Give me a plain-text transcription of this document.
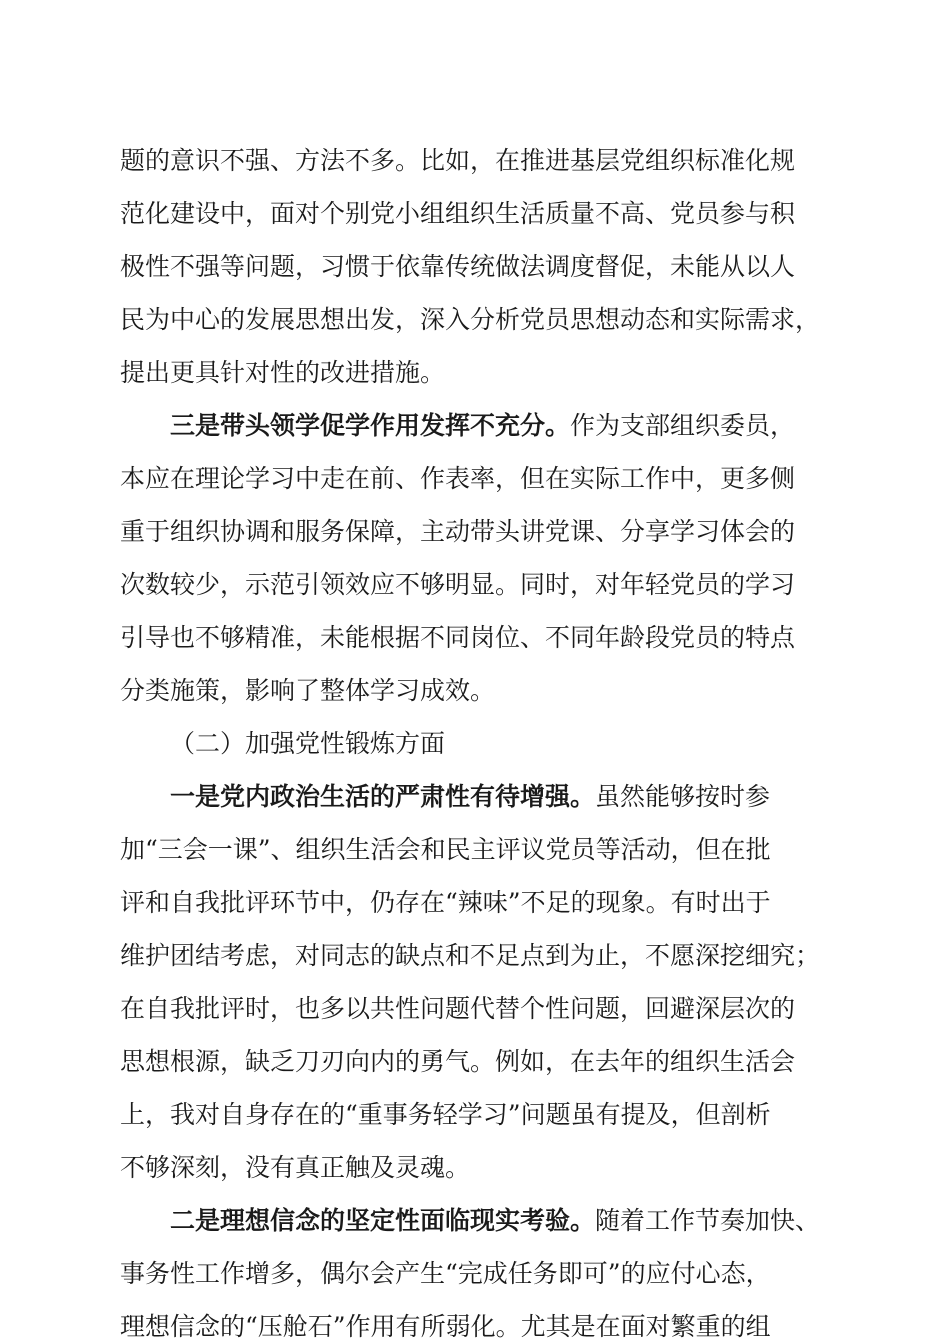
题的意识不强、方法不多。比如，在推进基层党组织标准化规

范化建设中，面对个别党小组组织生活质量不高、党员参与积

极性不强等问题，习惯于依靠传统做法调度督促，未能从以人

民为中心的发展思想出发，深入分析党员思想动态和实际需求，

提出更具针对性的改进措施。

三是带头领学促学作用发挥不充分。作为支部组织委员，

本应在理论学习中走在前、作表率，但在实际工作中，更多侧

重于组织协调和服务保障，主动带头讲党课、分享学习体会的

次数较少，示范引领效应不够明显。同时，对年轻党员的学习

引导也不够精准，未能根据不同岗位、不同年龄段党员的特点

分类施策，影响了整体学习成效。

（二）加强党性锻炼方面

一是党内政治生活的严肃性有待增强。虽然能够按时参

加“三会一课”、组织生活会和民主评议党员等活动，但在批

评和自我批评环节中，仍存在“辣味”不足的现象。有时出于

维护团结考虑，对同志的缺点和不足点到为止，不愿深挖细究；

在自我批评时，也多以共性问题代替个性问题，回避深层次的

思想根源，缺乏刀刃向内的勇气。例如，在去年的组织生活会

上，我对自身存在的“重事务轻学习”问题虽有提及，但剖析

不够深刻，没有真正触及灵魂。

二是理想信念的坚定性面临现实考验。随着工作节奏加快、

事务性工作增多，偶尔会产生“完成任务即可”的应付心态，

理想信念的“压舱石”作用有所弱化。尤其是在面对繁重的组
